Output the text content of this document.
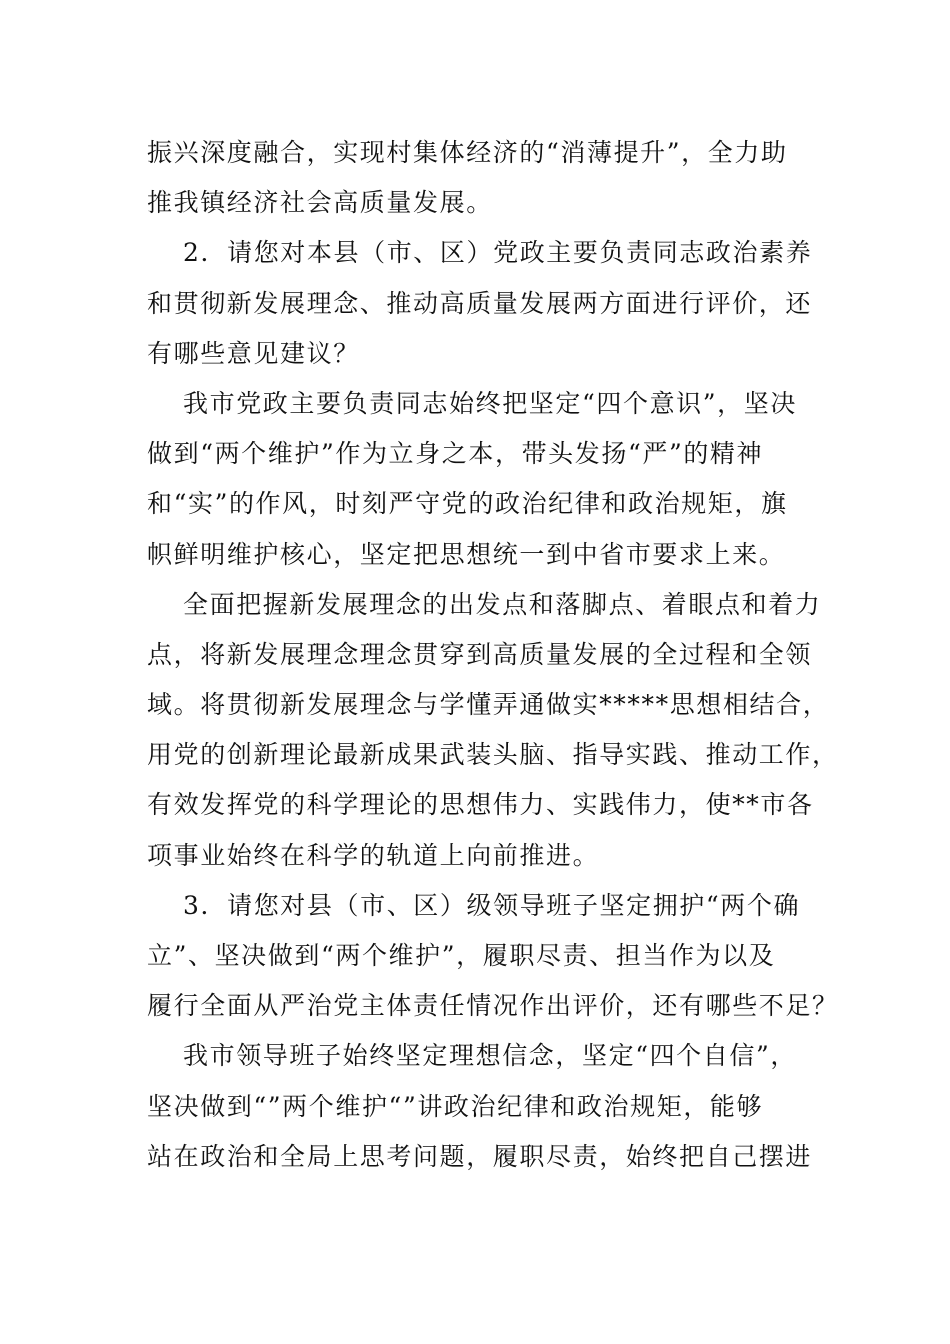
振兴深度融合，实现村集体经济的“消薄提升”，全力助
推我镇经济社会高质量发展。
2．请您对本县（市、区）党政主要负责同志政治素养
和贯彻新发展理念、推动高质量发展两方面进行评价，还
有哪些意见建议？
我市党政主要负责同志始终把坚定“四个意识”，坚决
做到“两个维护”作为立身之本，带头发扬“严”的精神
和“实”的作风，时刻严守党的政治纪律和政治规矩，旗
帜鲜明维护核心，坚定把思想统一到中省市要求上来。
全面把握新发展理念的出发点和落脚点、着眼点和着力
点，将新发展理念理念贯穿到高质量发展的全过程和全领
域。将贯彻新发展理念与学懂弄通做实*****思想相结合，
用党的创新理论最新成果武装头脑、指导实践、推动工作，
有效发挥党的科学理论的思想伟力、实践伟力，使**市各
项事业始终在科学的轨道上向前推进。
3．请您对县（市、区）级领导班子坚定拥护“两个确
立”、坚决做到“两个维护”，履职尽责、担当作为以及
履行全面从严治党主体责任情况作出评价，还有哪些不足？
我市领导班子始终坚定理想信念，坚定“四个自信”，
坚决做到“”两个维护“”讲政治纪律和政治规矩，能够
站在政治和全局上思考问题，履职尽责，始终把自己摆进
